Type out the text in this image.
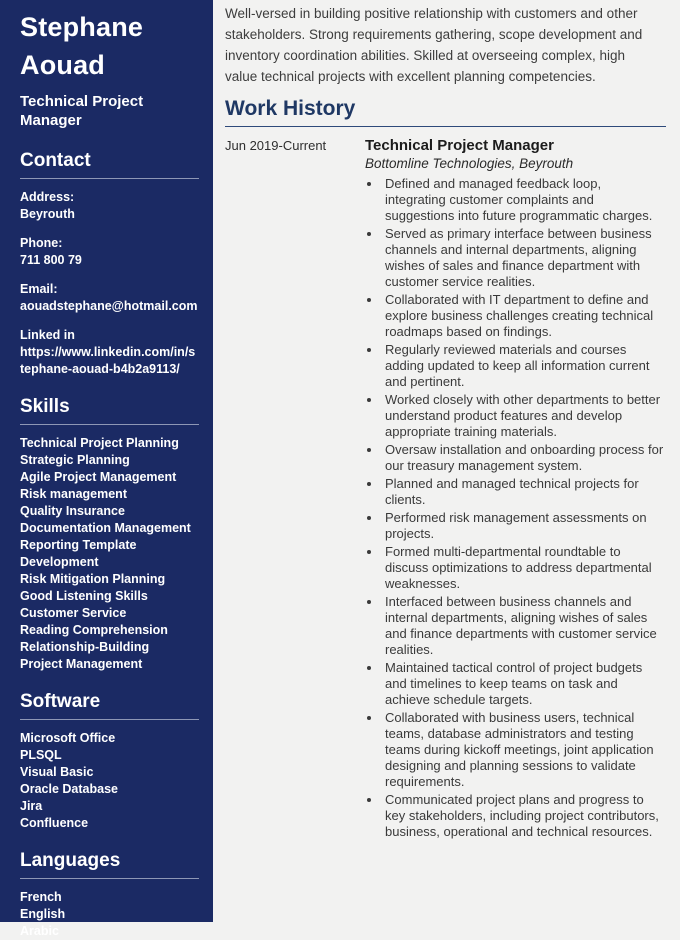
Stephane
Aouad
Technical Project Manager
Contact
Address:
Beyrouth
Phone:
711 800 79
Email:
aouadstephane@hotmail.com
Linked in
https://www.linkedin.com/in/stephane-aouad-b4b2a9113/
Skills
Technical Project Planning
Strategic Planning
Agile Project Management
Risk management
Quality Insurance
Documentation Management
Reporting Template Development
Risk Mitigation Planning
Good Listening Skills
Customer Service
Reading Comprehension
Relationship-Building
Project Management
Software
Microsoft Office
PLSQL
Visual Basic
Oracle Database
Jira
Confluence
Languages
French
English
Arabic

Well-versed in building positive relationship with customers and other stakeholders. Strong requirements gathering, scope development and inventory coordination abilities. Skilled at overseeing complex, high value technical projects with excellent planning competencies.

Work History
Jun 2019-Current	Technical Project Manager
Bottomline Technologies, Beyrouth
• Defined and managed feedback loop, integrating customer complaints and suggestions into future programmatic charges.
• Served as primary interface between business channels and internal departments, aligning wishes of sales and finance department with customer service realities.
• Collaborated with IT department to define and explore business challenges creating technical roadmaps based on findings.
• Regularly reviewed materials and courses adding updated to keep all information current and pertinent.
• Worked closely with other departments to better understand product features and develop appropriate training materials.
• Oversaw installation and onboarding process for our treasury management system.
• Planned and managed technical projects for clients.
• Performed risk management assessments on projects.
• Formed multi-departmental roundtable to discuss optimizations to address departmental weaknesses.
• Interfaced between business channels and internal departments, aligning wishes of sales and finance departments with customer service realities.
• Maintained tactical control of project budgets and timelines to keep teams on task and achieve schedule targets.
• Collaborated with business users, technical teams, database administrators and testing teams during kickoff meetings, joint application designing and planning sessions to validate requirements.
• Communicated project plans and progress to key stakeholders, including project contributors, business, operational and technical resources.
